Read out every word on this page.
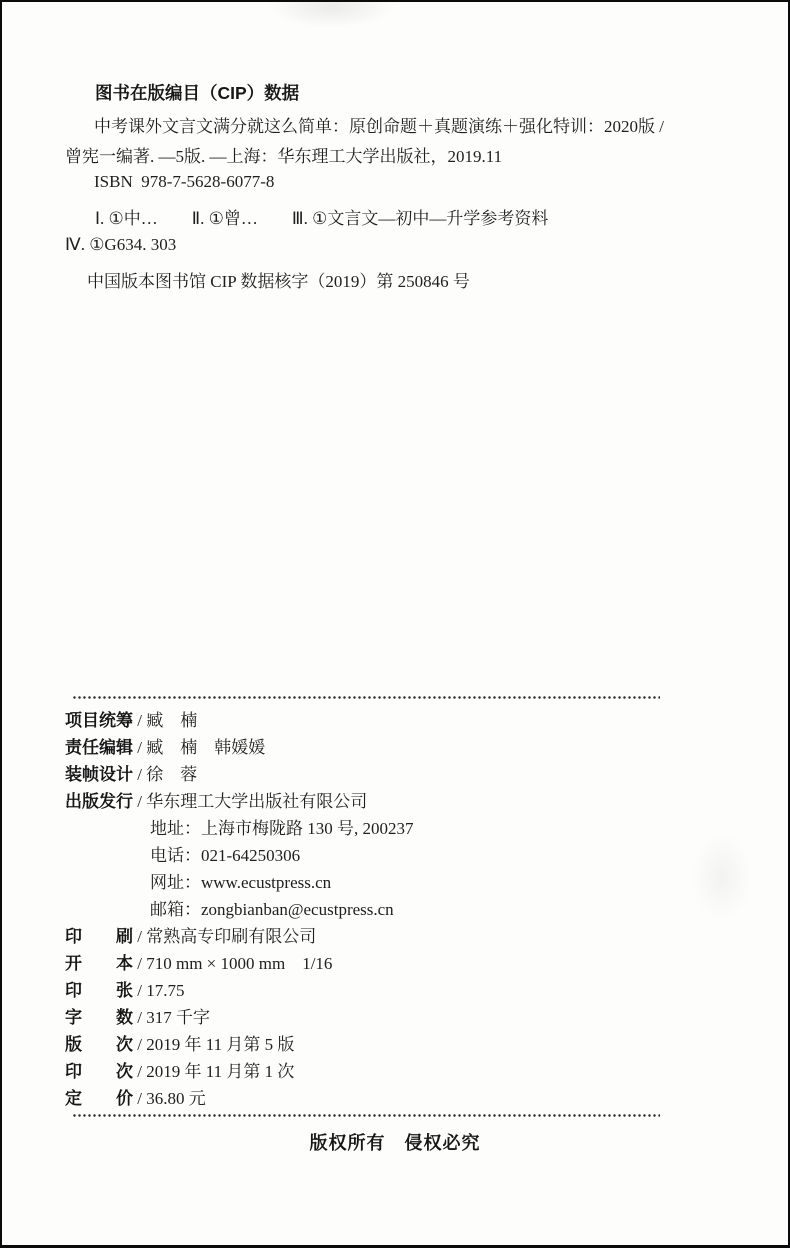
图书在版编目（CIP）数据
中考课外文言文满分就这么简单：原创命题＋真题演练＋强化特训：2020版 /
曾宪一编著. —5版. —上海：华东理工大学出版社，2019.11
ISBN  978-7-5628-6077-8
Ⅰ. ①中…　　Ⅱ. ①曾…　　Ⅲ. ①文言文—初中—升学参考资料
Ⅳ. ①G634. 303
中国版本图书馆 CIP 数据核字（2019）第 250846 号
项目统筹 / 臧　楠
责任编辑 / 臧　楠　韩媛媛
装帧设计 / 徐　蓉
出版发行 / 华东理工大学出版社有限公司
地址：上海市梅陇路 130 号, 200237
电话：021-64250306
网址：www.ecustpress.cn
邮箱：zongbianban@ecustpress.cn
印　　刷 / 常熟高专印刷有限公司
开　　本 / 710 mm × 1000 mm　1/16
印　　张 / 17.75
字　　数 / 317 千字
版　　次 / 2019 年 11 月第 5 版
印　　次 / 2019 年 11 月第 1 次
定　　价 / 36.80 元
版权所有　侵权必究
